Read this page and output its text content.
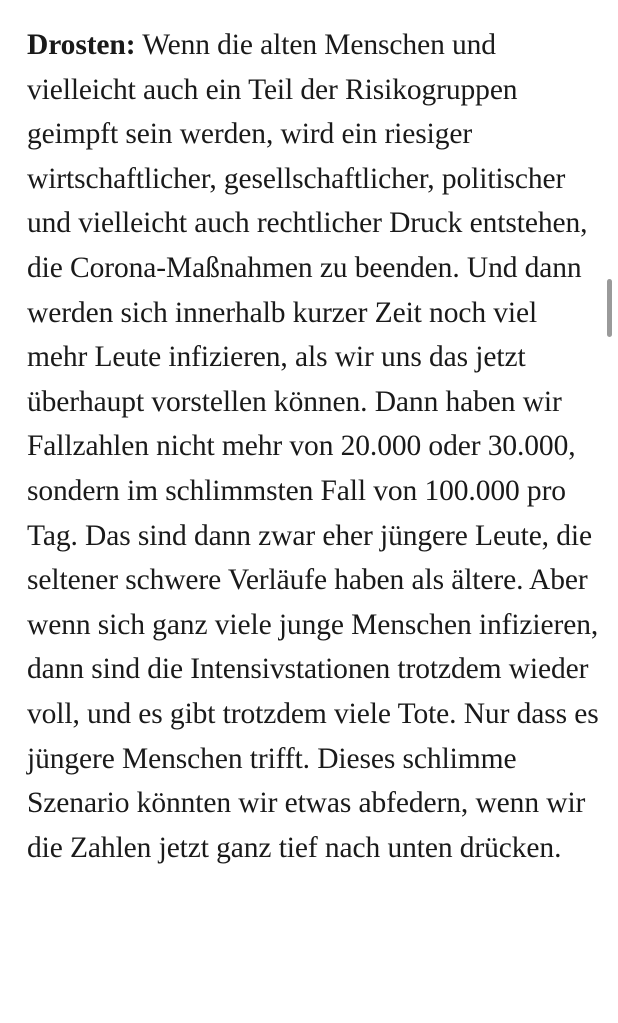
Drosten: Wenn die alten Menschen und vielleicht auch ein Teil der Risikogruppen geimpft sein werden, wird ein riesiger wirtschaftlicher, gesellschaftlicher, politischer und vielleicht auch rechtlicher Druck entstehen, die Corona-Maßnahmen zu beenden. Und dann werden sich innerhalb kurzer Zeit noch viel mehr Leute infizieren, als wir uns das jetzt überhaupt vorstellen können. Dann haben wir Fallzahlen nicht mehr von 20.000 oder 30.000, sondern im schlimmsten Fall von 100.000 pro Tag. Das sind dann zwar eher jüngere Leute, die seltener schwere Verläufe haben als ältere. Aber wenn sich ganz viele junge Menschen infizieren, dann sind die Intensivstationen trotzdem wieder voll, und es gibt trotzdem viele Tote. Nur dass es jüngere Menschen trifft. Dieses schlimme Szenario könnten wir etwas abfedern, wenn wir die Zahlen jetzt ganz tief nach unten drücken.
